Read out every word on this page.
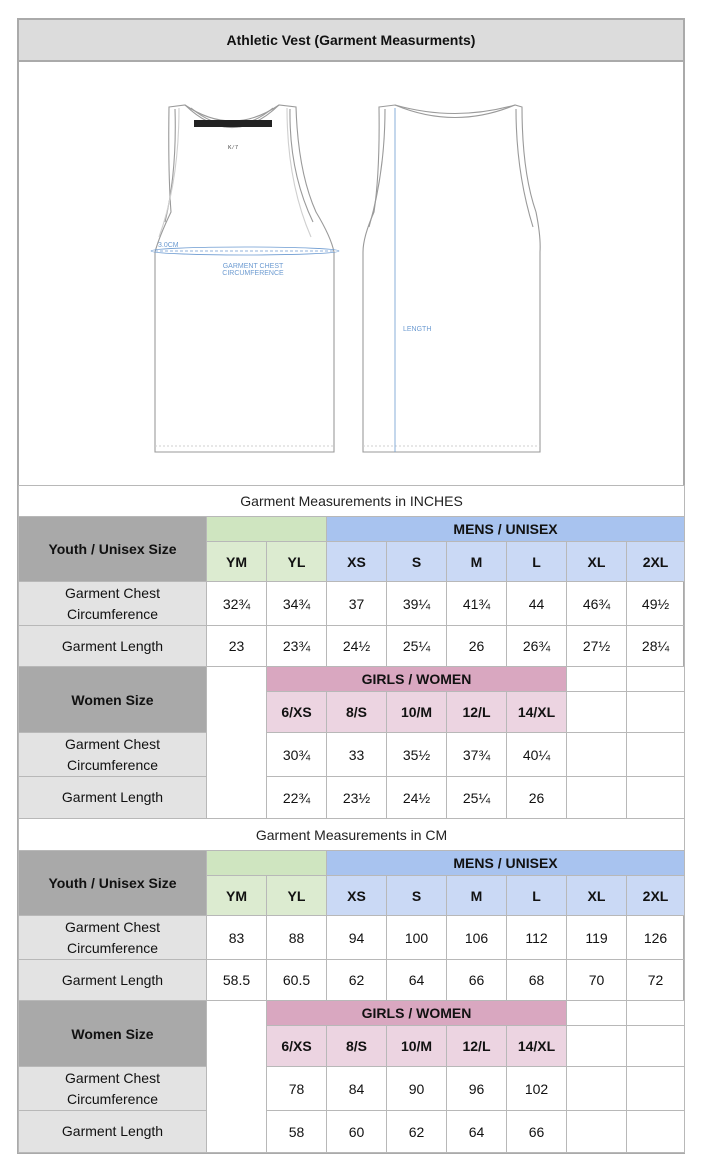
Athletic Vest (Garment Measurments)
K ⁄ 7
3.0CM
GARMENT CHEST
CIRCUMFERENCE
LENGTH
Garment Measurements in INCHES								
Youth / Unisex Size			MENS / UNISEX					
	YM	YL	XS	S	M	L	XL	2XL
Garment Chest Circumference	32¾	34¾	37	39¼	41¾	44	46¾	49½
Garment Length	23	23¾	24½	25¼	26	26¾	27½	28¼
Women Size		GIRLS / WOMEN						
		6/XS	8/S	10/M	12/L	14/XL		
Garment Chest Circumference		30¾	33	35½	37¾	40¼		
Garment Length		22¾	23½	24½	25¼	26		
Garment Measurements in CM								
Youth / Unisex Size			MENS / UNISEX					
	YM	YL	XS	S	M	L	XL	2XL
Garment Chest Circumference	83	88	94	100	106	112	119	126
Garment Length	58.5	60.5	62	64	66	68	70	72
Women Size		GIRLS / WOMEN						
		6/XS	8/S	10/M	12/L	14/XL		
Garment Chest Circumference		78	84	90	96	102		
Garment Length		58	60	62	64	66		
